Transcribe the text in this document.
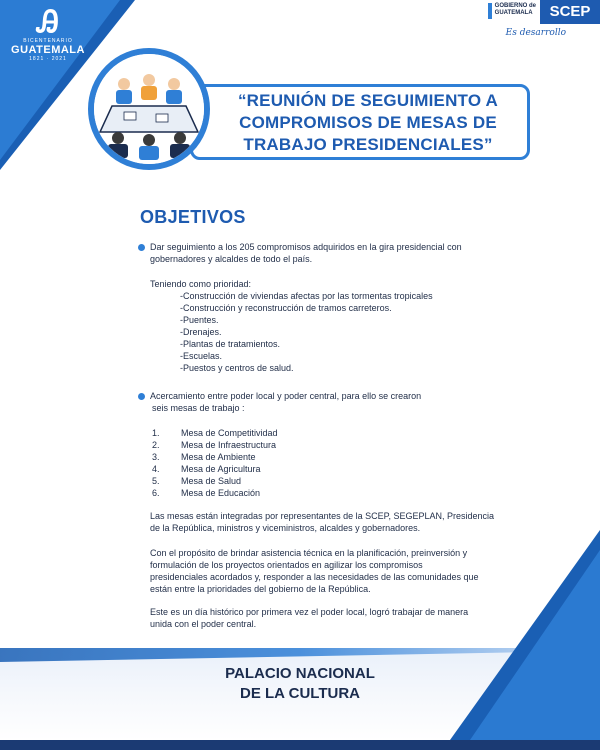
Ꭿ
BICENTENARIO
GUATEMALA
1821 · 2021
GOBIERNO de
GUATEMALA	SCEP
Es desarrollo
“REUNIÓN DE SEGUIMIENTO A
COMPROMISOS DE MESAS DE
TRABAJO PRESIDENCIALES”
OBJETIVOS
Dar seguimiento a los 205 compromisos adquiridos en la gira presidencial con
gobernadores y alcaldes de todo el país.
Teniendo como prioridad:
-Construcción de viviendas afectas por las tormentas tropicales
-Construcción y reconstrucción de tramos carreteros.
-Puentes.
-Drenajes.
-Plantas de tratamientos.
-Escuelas.
-Puestos y centros de salud.
Acercamiento entre poder local y poder central, para ello se crearon
seis mesas de trabajo :
1. Mesa de Competitividad
2. Mesa de Infraestructura
3. Mesa de Ambiente
4. Mesa de Agricultura
5. Mesa de Salud
6. Mesa de Educación
Las mesas están integradas por representantes de la SCEP, SEGEPLAN, Presidencia
de la República, ministros y viceministros, alcaldes y gobernadores.
Con el propósito de brindar asistencia técnica en la planificación, preinversión y
formulación de los proyectos orientados en agilizar los compromisos
presidenciales acordados y, responder a las necesidades de las comunidades que
están entre la prioridades del gobierno de la República.
Este es un día histórico por primera vez el poder local, logró trabajar de manera
unida con el poder central.
PALACIO NACIONAL
DE LA CULTURA
